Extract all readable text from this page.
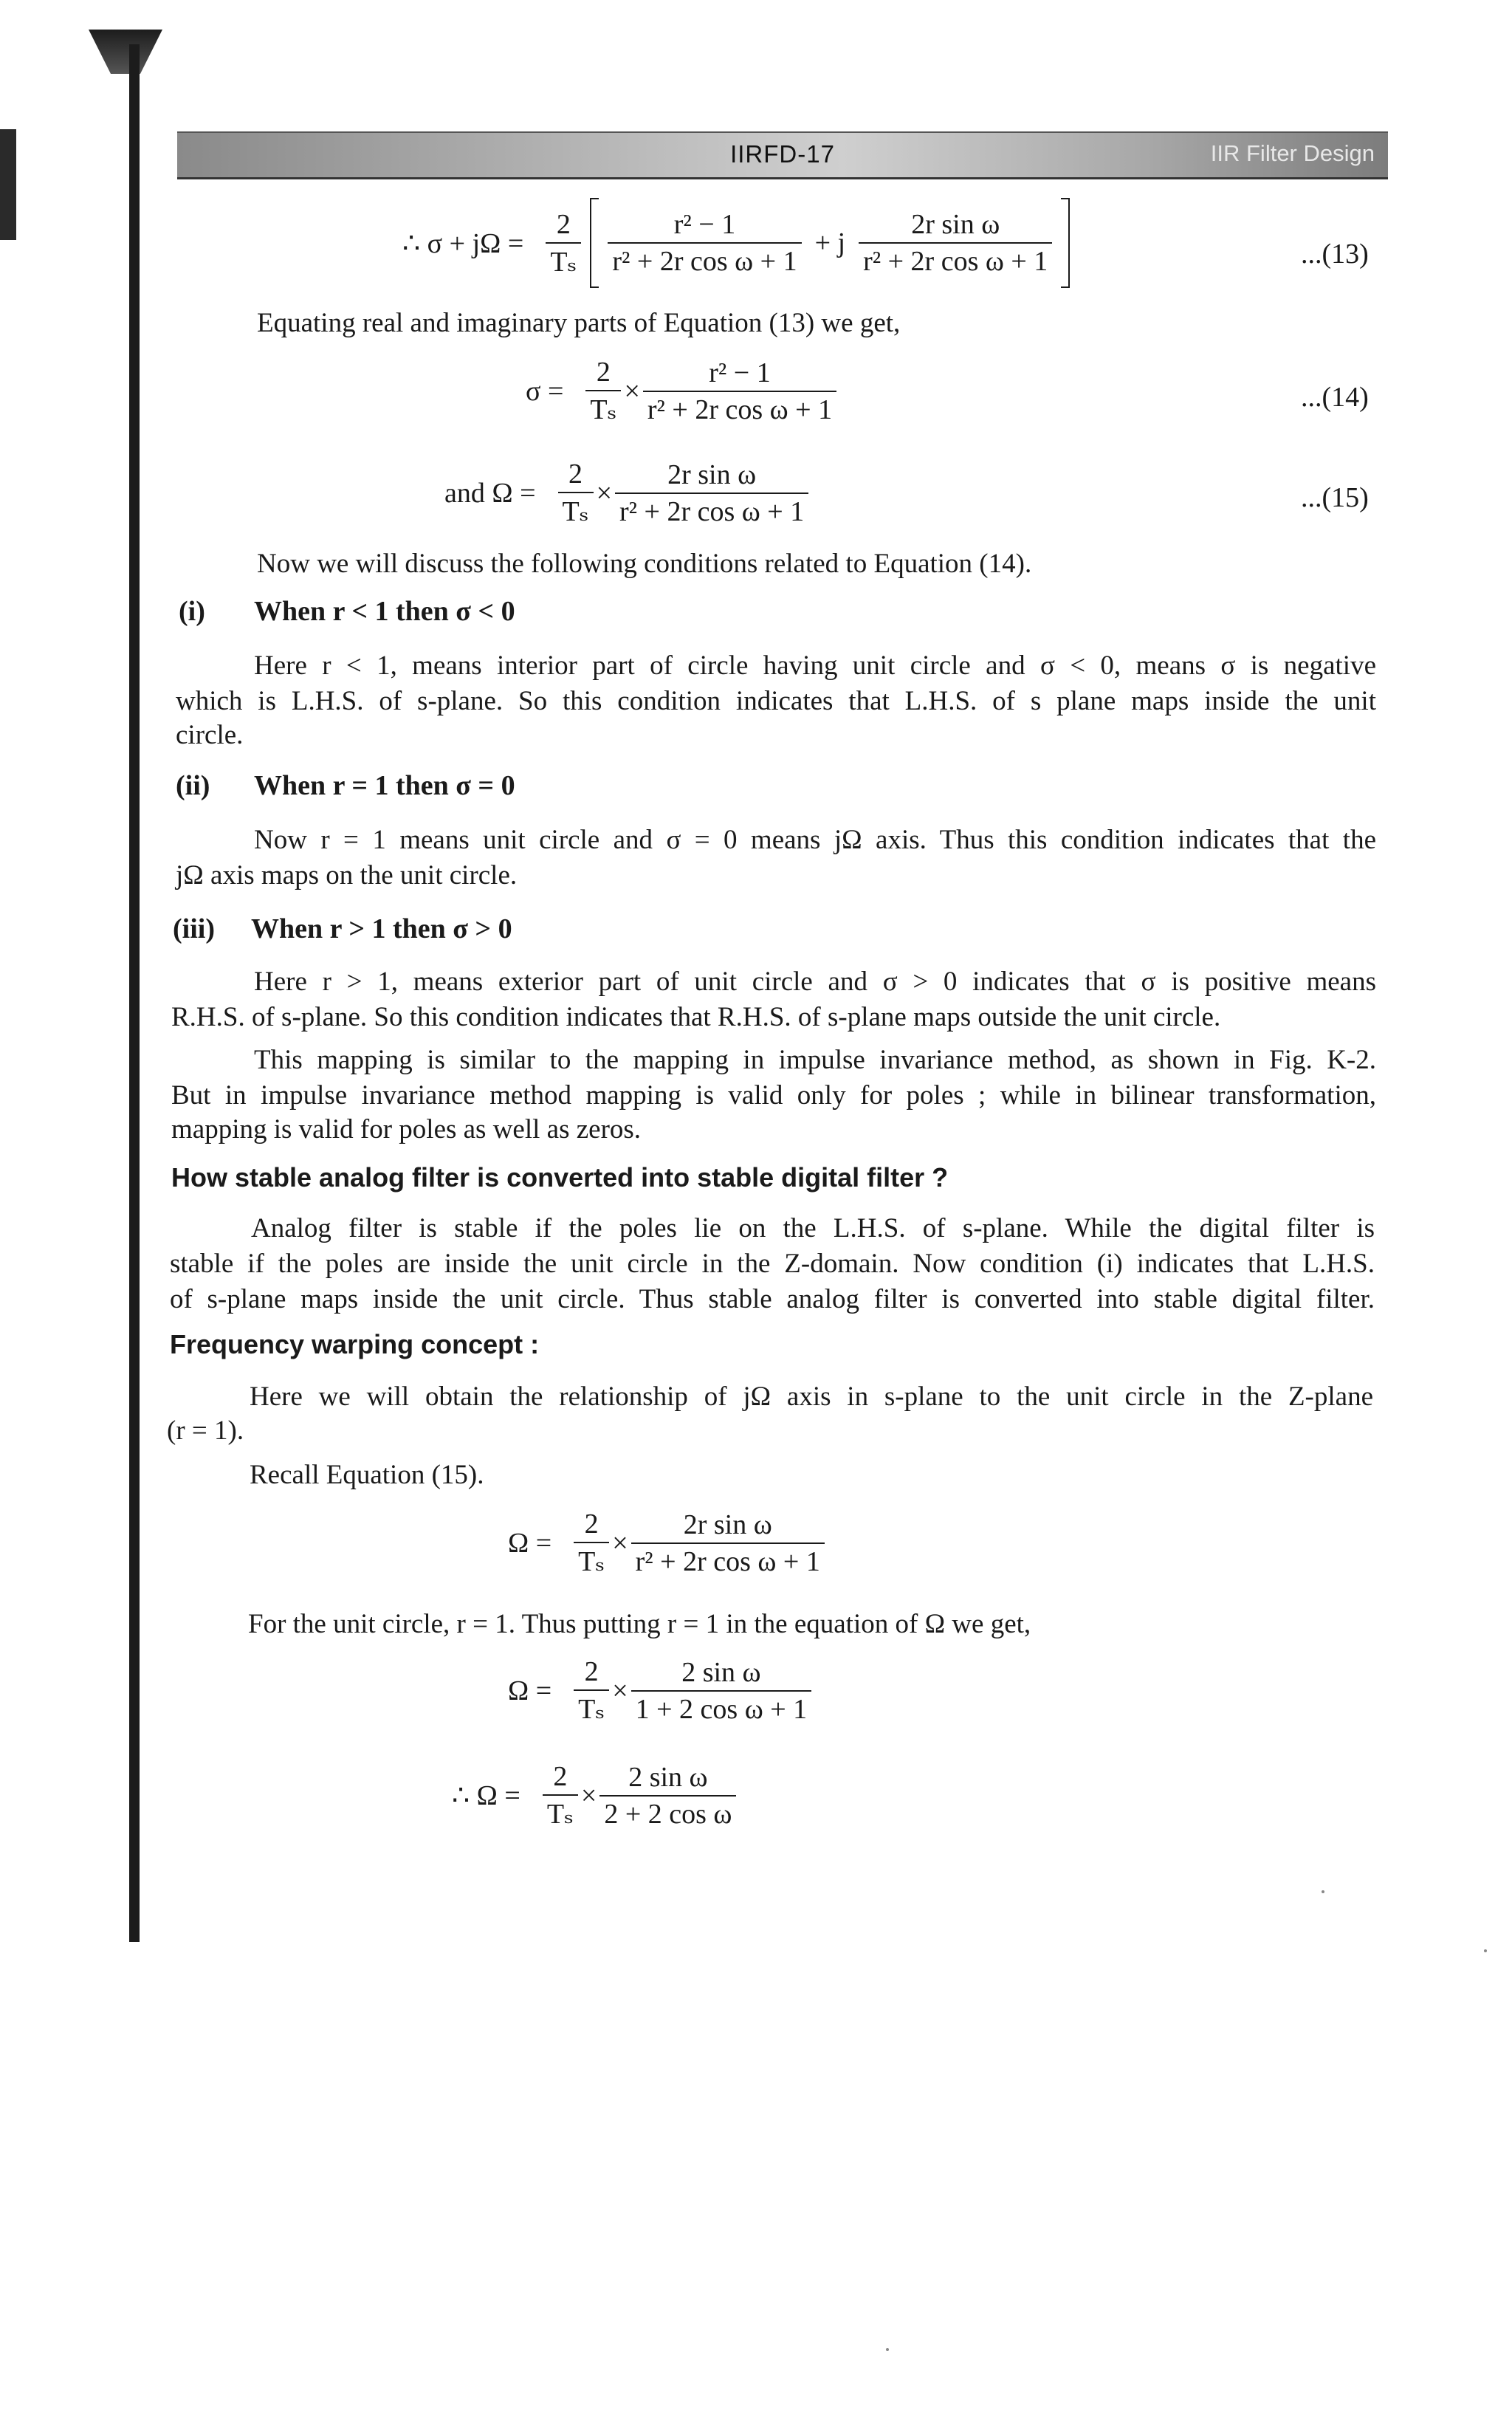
IIRFD-17	IIR Filter Design
∴ $\sigma + j\Omega = \frac{2}{\text{Tₛ}} \frac{\text{r² − 1}}{\text{r² + 2r cos ω + 1}} + j \frac{\text{2r sin ω}}{\text{r² + 2r cos ω + 1}}$	...(13)

Equating real and imaginary parts of Equation (13) we get,

$\sigma = \frac{2}{\text{Tₛ}} \times \frac{\text{r² − 1}}{\text{r² + 2r cos ω + 1}}$	...(14)
and $\Omega = \frac{2}{\text{Tₛ}} \times \frac{\text{2r sin ω}}{\text{r² + 2r cos ω + 1}}$	...(15)

Now we will discuss the following conditions related to Equation (14).

(i) When r < 1 then σ < 0

Here r < 1, means interior part of circle having unit circle and σ < 0, means σ is negative

which is L.H.S. of s-plane. So this condition indicates that L.H.S. of s plane maps inside the unit

circle.

(ii) When r = 1 then σ = 0

Now r = 1 means unit circle and σ = 0 means jΩ axis. Thus this condition indicates that the

jΩ axis maps on the unit circle.

(iii) When r > 1 then σ > 0

Here r > 1, means exterior part of unit circle and σ > 0 indicates that σ is positive means

R.H.S. of s-plane. So this condition indicates that R.H.S. of s-plane maps outside the unit circle.

This mapping is similar to the mapping in impulse invariance method, as shown in Fig. K-2.

But in impulse invariance method mapping is valid only for poles ; while in bilinear transformation,

mapping is valid for poles as well as zeros.

How stable analog filter is converted into stable digital filter ?

Analog filter is stable if the poles lie on the L.H.S. of s-plane. While the digital filter is

stable if the poles are inside the unit circle in the Z-domain. Now condition (i) indicates that L.H.S.

of s-plane maps inside the unit circle. Thus stable analog filter is converted into stable digital filter.

Frequency warping concept :

Here we will obtain the relationship of jΩ axis in s-plane to the unit circle in the Z-plane

(r = 1).

Recall Equation (15).

$\Omega = \frac{2}{\text{Tₛ}} \times \frac{\text{2r sin ω}}{\text{r² + 2r cos ω + 1}}$

For the unit circle, r = 1. Thus putting r = 1 in the equation of Ω we get,

$\Omega = \frac{2}{\text{Tₛ}} \times \frac{\text{2 sin ω}}{\text{1 + 2 cos ω + 1}}$
∴ $\Omega = \frac{2}{\text{Tₛ}} \times \frac{\text{2 sin ω}}{\text{2 + 2 cos ω}}$
